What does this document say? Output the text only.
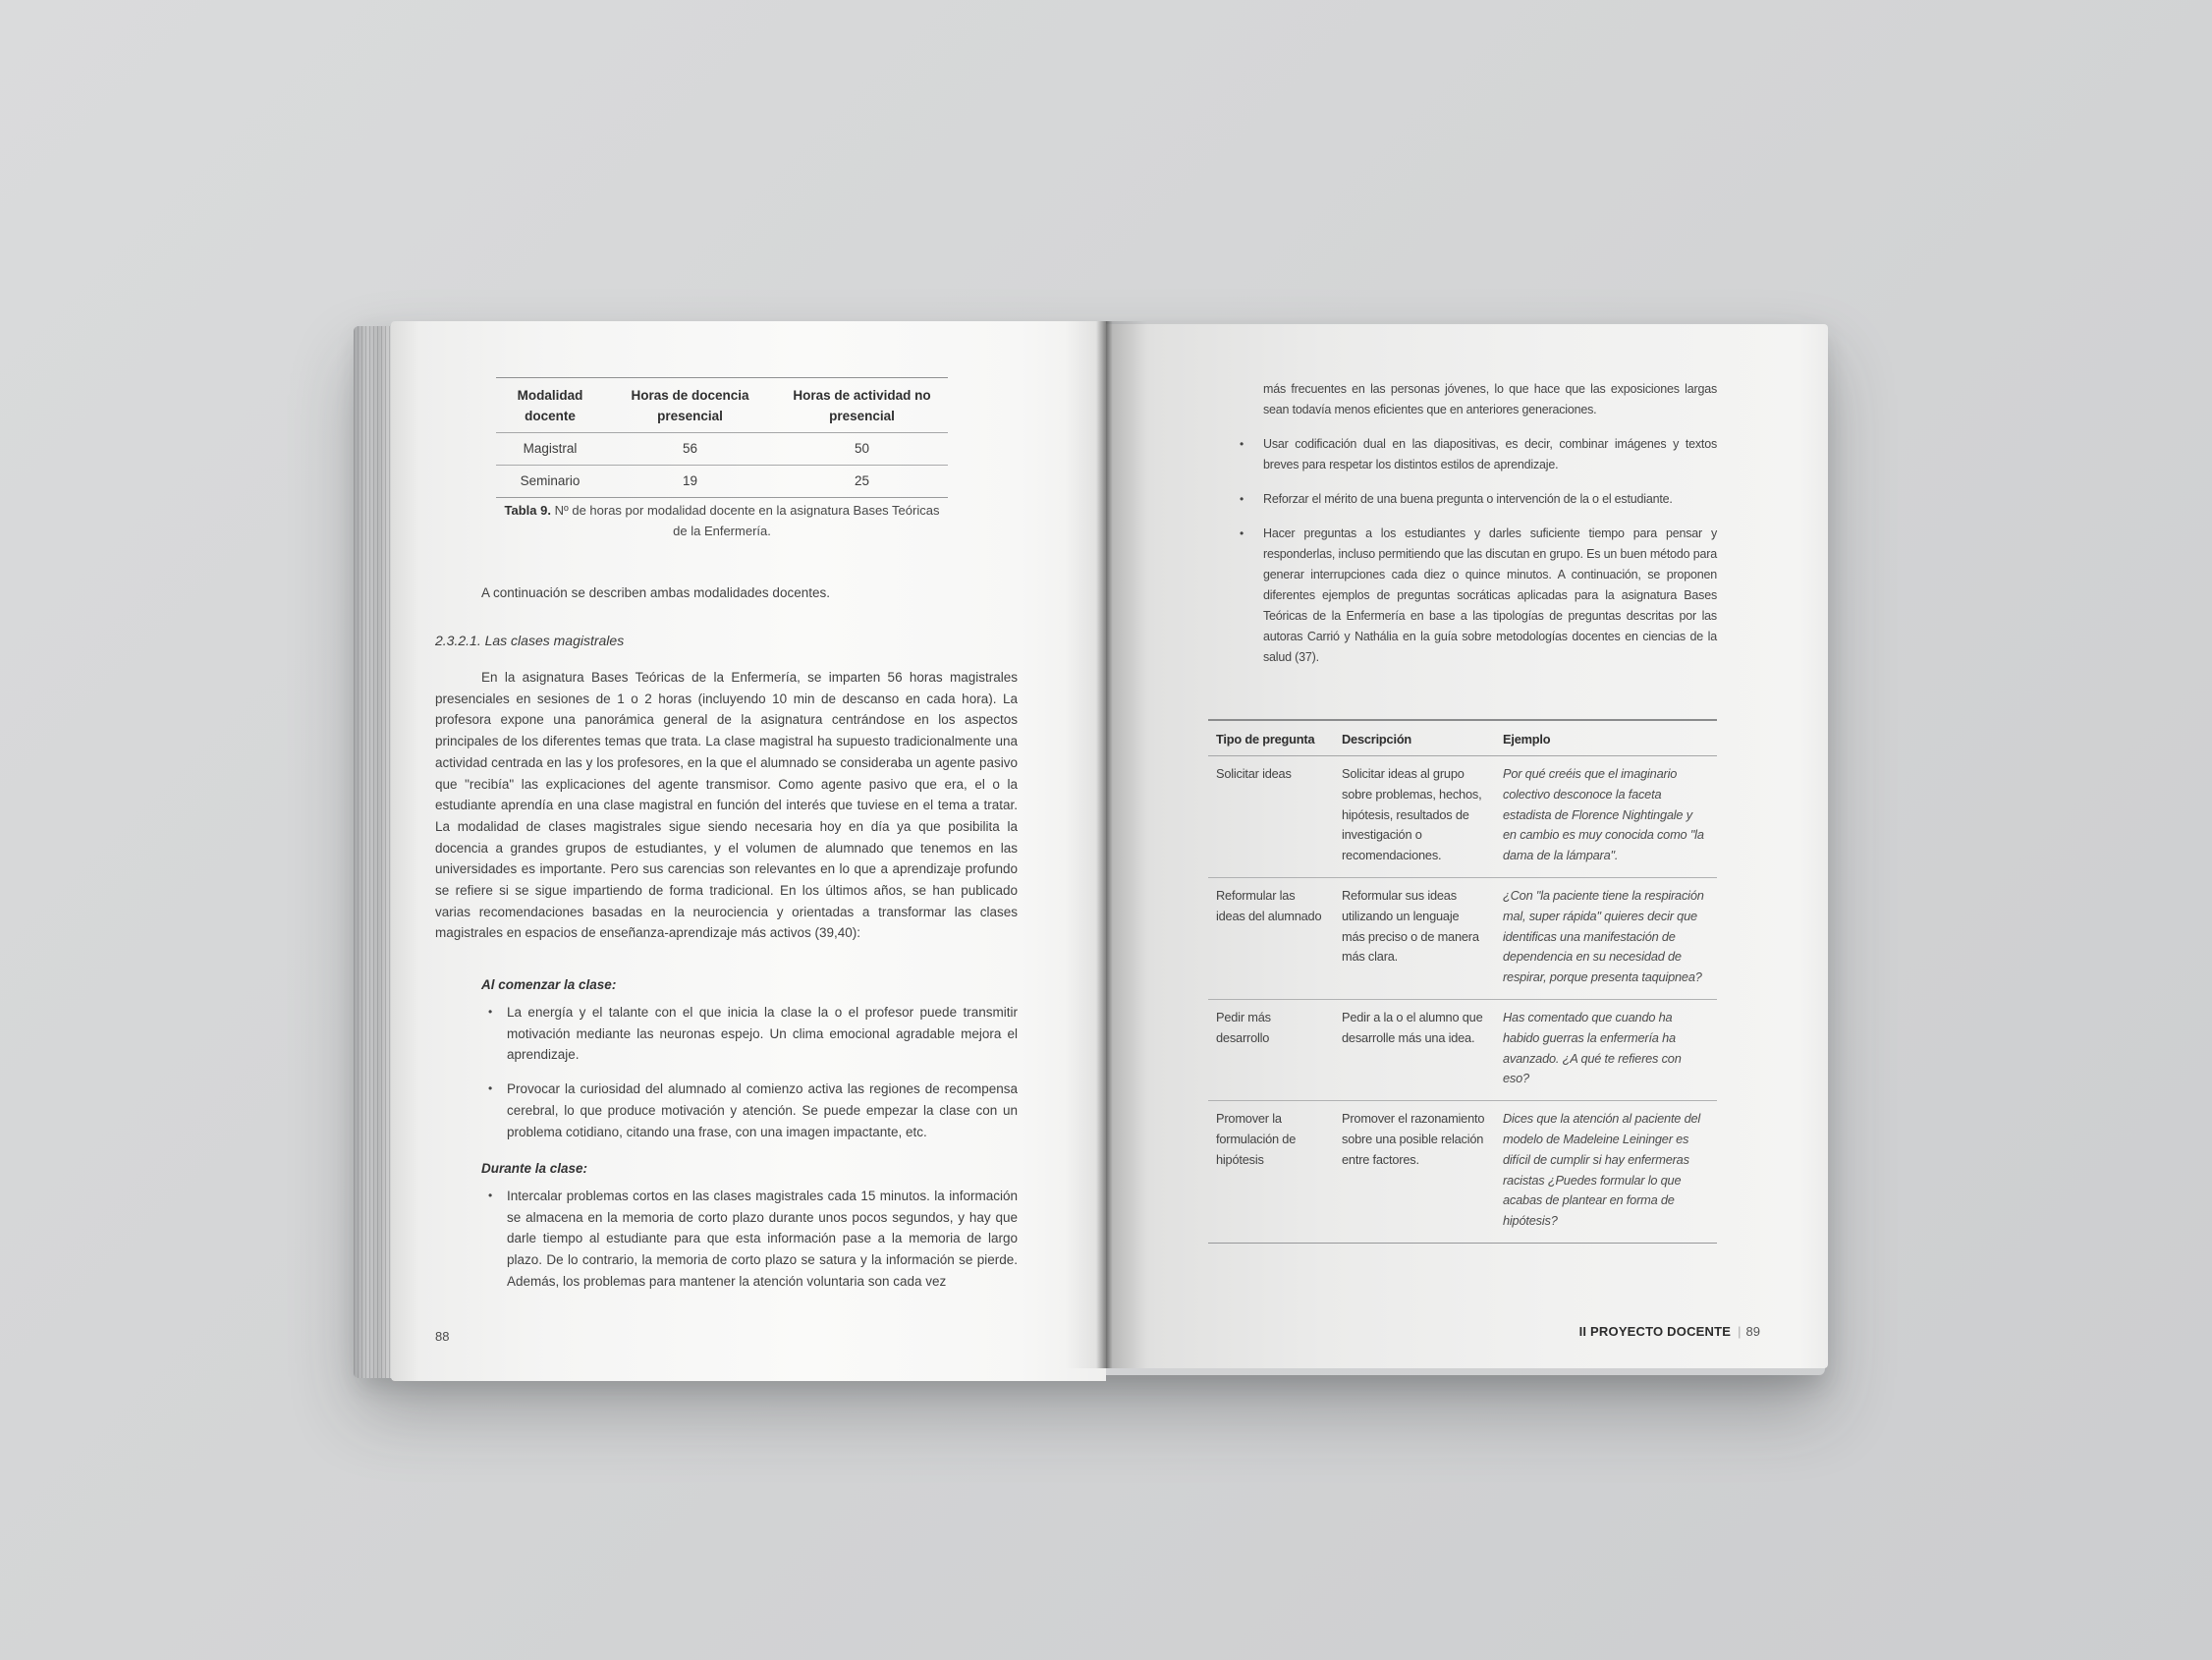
Modalidad docente	Horas de docencia presencial	Horas de actividad no presencial
Magistral	56	50
Seminario	19	25
Tabla 9. Nº de horas por modalidad docente en la asignatura Bases Teóricas de la Enfermería.
A continuación se describen ambas modalidades docentes.
2.3.2.1. Las clases magistrales
En la asignatura Bases Teóricas de la Enfermería, se imparten 56 horas magistrales presenciales en sesiones de 1 o 2 horas (incluyendo 10 min de descanso en cada hora). La profesora expone una panorámica general de la asignatura centrándose en los aspectos principales de los diferentes temas que trata. La clase magistral ha supuesto tradicionalmente una actividad centrada en las y los profesores, en la que el alumnado se consideraba un agente pasivo que "recibía" las explicaciones del agente transmisor. Como agente pasivo que era, el o la estudiante aprendía en una clase magistral en función del interés que tuviese en el tema a tratar. La modalidad de clases magistrales sigue siendo necesaria hoy en día ya que posibilita la docencia a grandes grupos de estudiantes, y el volumen de alumnado que tenemos en las universidades es importante. Pero sus carencias son relevantes en lo que a aprendizaje profundo se refiere si se sigue impartiendo de forma tradicional. En los últimos años, se han publicado varias recomendaciones basadas en la neurociencia y orientadas a transformar las clases magistrales en espacios de enseñanza-aprendizaje más activos (39,40):
Al comenzar la clase:
• La energía y el talante con el que inicia la clase la o el profesor puede transmitir motivación mediante las neuronas espejo. Un clima emocional agradable mejora el aprendizaje.
• Provocar la curiosidad del alumnado al comienzo activa las regiones de recompensa cerebral, lo que produce motivación y atención. Se puede empezar la clase con un problema cotidiano, citando una frase, con una imagen impactante, etc.
Durante la clase:
• Intercalar problemas cortos en las clases magistrales cada 15 minutos. la información se almacena en la memoria de corto plazo durante unos pocos segundos, y hay que darle tiempo al estudiante para que esta información pase a la memoria de largo plazo. De lo contrario, la memoria de corto plazo se satura y la información se pierde. Además, los problemas para mantener la atención voluntaria son cada vez
88
más frecuentes en las personas jóvenes, lo que hace que las exposiciones largas sean todavía menos eficientes que en anteriores generaciones.
• Usar codificación dual en las diapositivas, es decir, combinar imágenes y textos breves para respetar los distintos estilos de aprendizaje.
• Reforzar el mérito de una buena pregunta o intervención de la o el estudiante.
• Hacer preguntas a los estudiantes y darles suficiente tiempo para pensar y responderlas, incluso permitiendo que las discutan en grupo. Es un buen método para generar interrupciones cada diez o quince minutos. A continuación, se proponen diferentes ejemplos de preguntas socráticas aplicadas para la asignatura Bases Teóricas de la Enfermería en base a las tipologías de preguntas descritas por las autoras Carrió y Nathália en la guía sobre metodologías docentes en ciencias de la salud (37).
Tipo de pregunta	Descripción	Ejemplo
Solicitar ideas	Solicitar ideas al grupo sobre problemas, hechos, hipótesis, resultados de investigación o recomendaciones.	Por qué creéis que el imaginario colectivo desconoce la faceta estadista de Florence Nightingale y en cambio es muy conocida como "la dama de la lámpara".
Reformular las ideas del alumnado	Reformular sus ideas utilizando un lenguaje más preciso o de manera más clara.	¿Con "la paciente tiene la respiración mal, super rápida" quieres decir que identificas una manifestación de dependencia en su necesidad de respirar, porque presenta taquipnea?
Pedir más desarrollo	Pedir a la o el alumno que desarrolle más una idea.	Has comentado que cuando ha habido guerras la enfermería ha avanzado. ¿A qué te refieres con eso?
Promover la formulación de hipótesis	Promover el razonamiento sobre una posible relación entre factores.	Dices que la atención al paciente del modelo de Madeleine Leininger es difícil de cumplir si hay enfermeras racistas ¿Puedes formular lo que acabas de plantear en forma de hipótesis?
II PROYECTO DOCENTE | 89
